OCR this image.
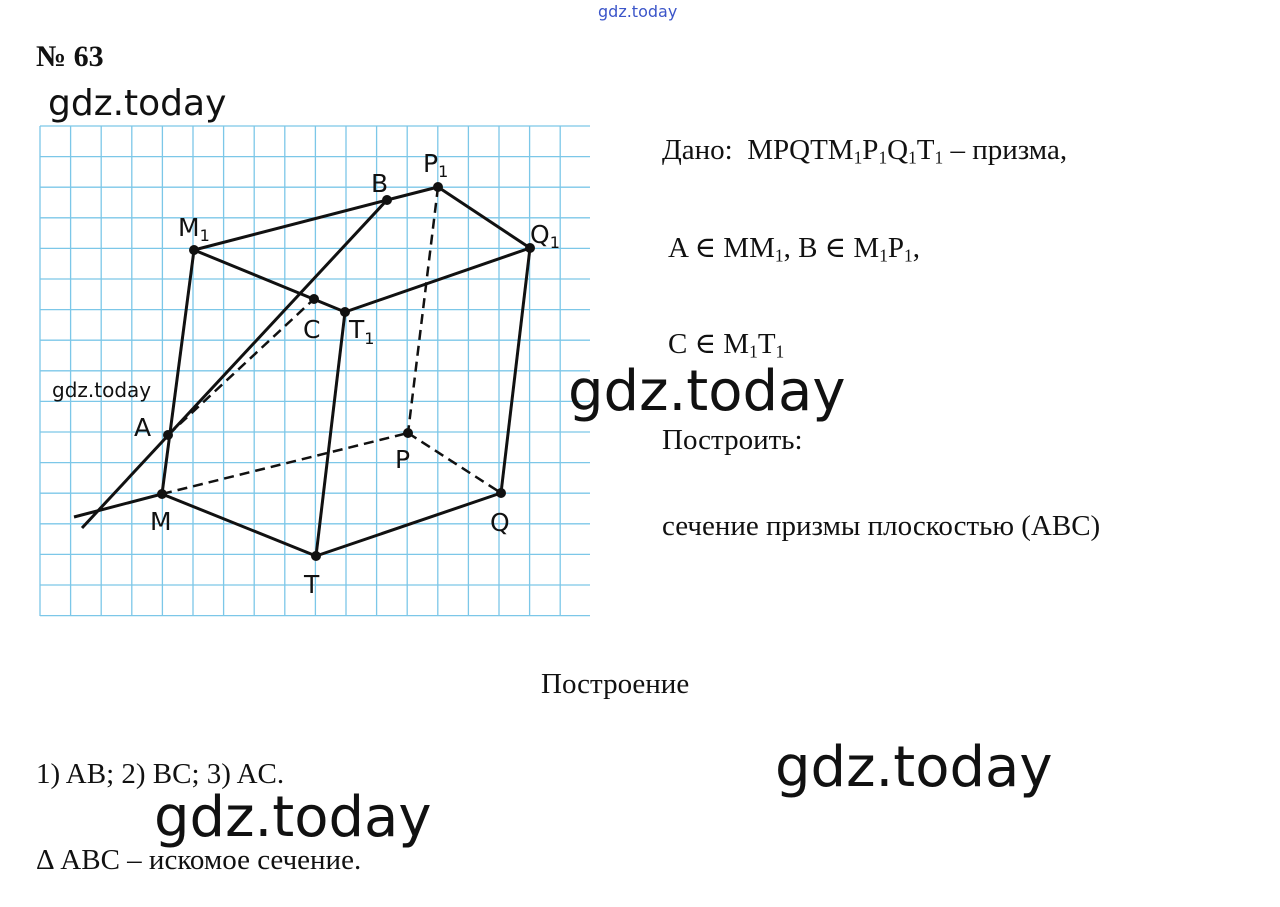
gdz.today
№ 63
gdz.today
$M_1$
B
$P_1$
$Q_1$
C $T_1$
A
P
M	Q
T
gdz.today
Дано: $MPQTM_1P_1Q_1T_1$ – призма,
A ∈ $MM_1$, B ∈ $M_1P_1$,
C ∈ $M_1T_1$
gdz.today
Построить:
сечение призмы плоскостью (ABC)
Построение
1) AB; 2) BC; 3) AC.
Δ ABC – искомое сечение.
gdz.today
gdz.today
